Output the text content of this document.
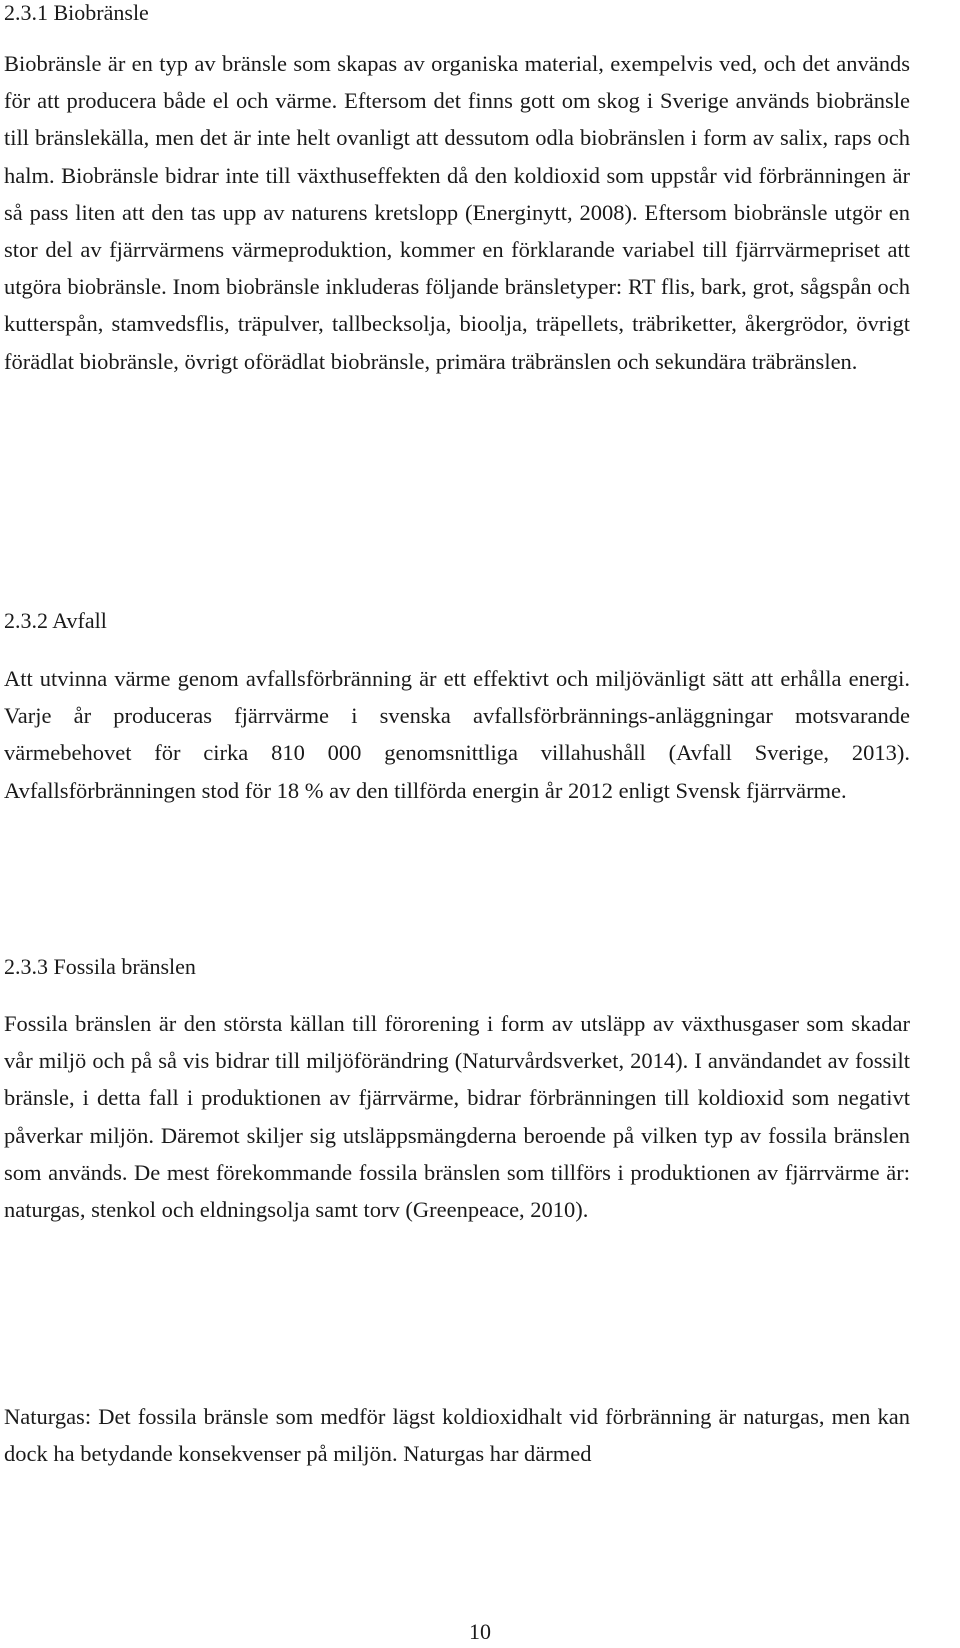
2.3.1 Biobränsle

Biobränsle är en typ av bränsle som skapas av organiska material, exempelvis ved, och det används för att producera både el och värme. Eftersom det finns gott om skog i Sverige används biobränsle till bränslekälla, men det är inte helt ovanligt att dessutom odla biobränslen i form av salix, raps och halm. Biobränsle bidrar inte till växthuseffekten då den koldioxid som uppstår vid förbränningen är så pass liten att den tas upp av naturens kretslopp (Energinytt, 2008). Eftersom biobränsle utgör en stor del av fjärrvärmens värmeproduktion, kommer en förklarande variabel till fjärrvärmepriset att utgöra biobränsle. Inom biobränsle inkluderas följande bränsletyper: RT flis, bark, grot, sågspån och kutterspån, stamvedsflis, träpulver, tallbecksolja, bioolja, träpellets, träbriketter, åkergrödor, övrigt förädlat biobränsle, övrigt oförädlat biobränsle, primära träbränslen och sekundära träbränslen.

2.3.2 Avfall

Att utvinna värme genom avfallsförbränning är ett effektivt och miljövänligt sätt att erhålla energi. Varje år produceras fjärrvärme i svenska avfallsförbrännings-anläggningar motsvarande värmebehovet för cirka 810 000 genomsnittliga villahushåll (Avfall Sverige, 2013). Avfallsförbränningen stod för 18 % av den tillförda energin år 2012 enligt Svensk fjärrvärme.

2.3.3 Fossila bränslen

Fossila bränslen är den största källan till förorening i form av utsläpp av växthusgaser som skadar vår miljö och på så vis bidrar till miljöförändring (Naturvårdsverket, 2014). I användandet av fossilt bränsle, i detta fall i produktionen av fjärrvärme, bidrar förbränningen till koldioxid som negativt påverkar miljön. Däremot skiljer sig utsläppsmängderna beroende på vilken typ av fossila bränslen som används. De mest förekommande fossila bränslen som tillförs i produktionen av fjärrvärme är: naturgas, stenkol och eldningsolja samt torv (Greenpeace, 2010).

Naturgas: Det fossila bränsle som medför lägst koldioxidhalt vid förbränning är naturgas, men kan dock ha betydande konsekvenser på miljön. Naturgas har därmed

10
